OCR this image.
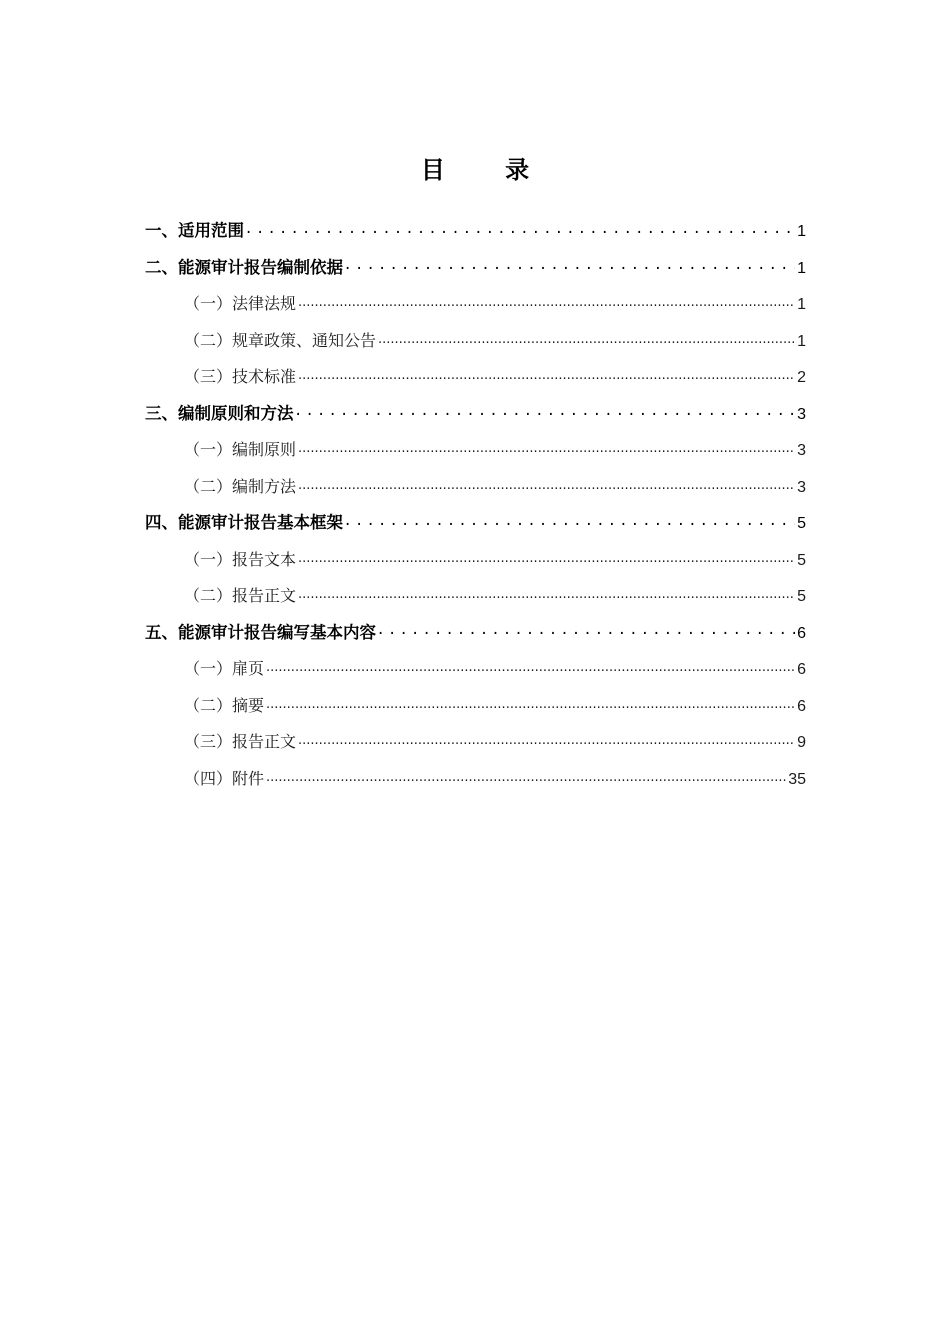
目 录
一、适用范围 . . .	1
二、能源审计报告编制依据 . . .	1
（一）法律法规 .....	1
（二）规章政策、通知公告 .....	1
（三）技术标准 .....	2
三、编制原则和方法 . . .	3
（一）编制原则 .....	3
（二）编制方法 .....	3
四、能源审计报告基本框架 . . .	5
（一）报告文本 .....	5
（二）报告正文 .....	5
五、能源审计报告编写基本内容 . . .	6
（一）扉页 .....	6
（二）摘要 .....	6
（三）报告正文 .....	9
（四）附件 .....	35
